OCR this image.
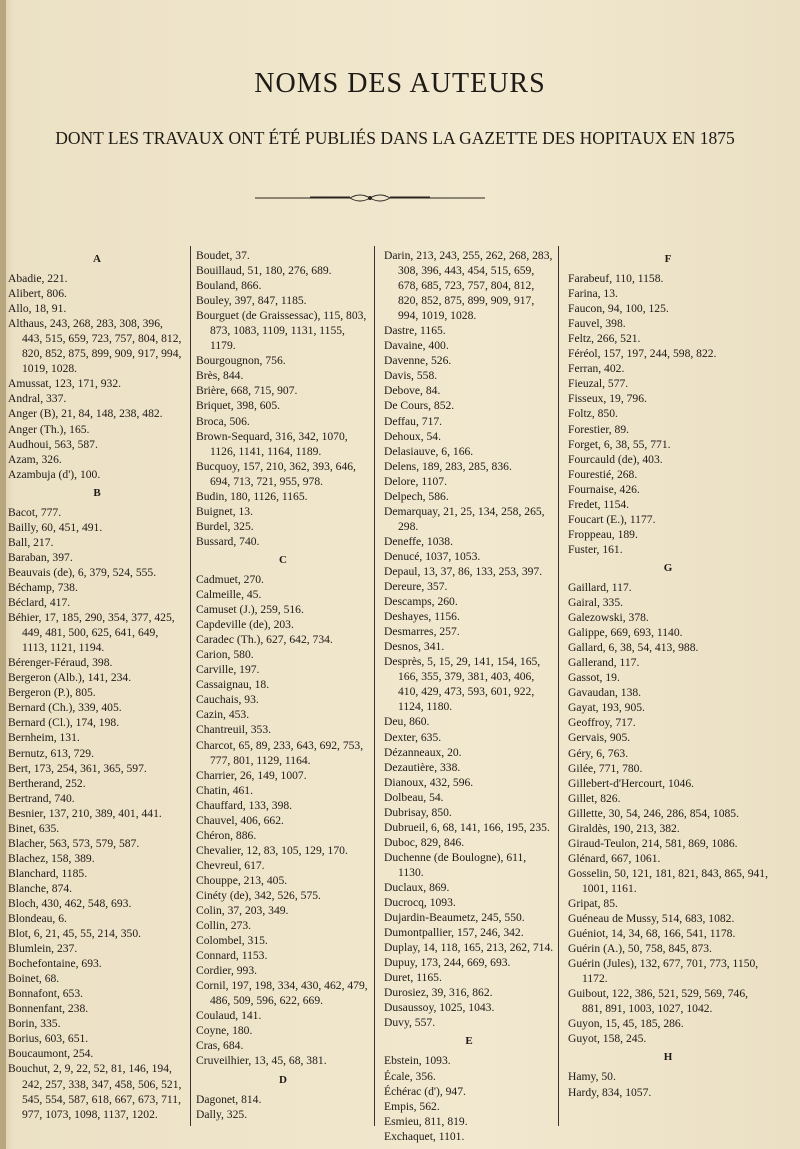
NOMS DES AUTEURS
DONT LES TRAVAUX ONT ÉTÉ PUBLIÉS DANS LA GAZETTE DES HOPITAUX EN 1875
A
Abadie, 221.
Alibert, 806.
Allo, 18, 91.
Althaus, 243, 268, 283, 308, 396, 443, 515, 659, 723, 757, 804, 812, 820, 852, 875, 899, 909, 917, 994, 1019, 1028.
Amussat, 123, 171, 932.
Andral, 337.
Anger (B), 21, 84, 148, 238, 482.
Anger (Th.), 165.
Audhoui, 563, 587.
Azam, 326.
Azambuja (d'), 100.
B
Bacot, 777.
Bailly, 60, 451, 491.
Ball, 217.
Baraban, 397.
Beauvais (de), 6, 379, 524, 555.
Béchamp, 738.
Béclard, 417.
Béhier, 17, 185, 290, 354, 377, 425, 449, 481, 500, 625, 641, 649, 1113, 1121, 1194.
Bérenger-Féraud, 398.
Bergeron (Alb.), 141, 234.
Bergeron (P.), 805.
Bernard (Ch.), 339, 405.
Bernard (Cl.), 174, 198.
Bernheim, 131.
Bernutz, 613, 729.
Bert, 173, 254, 361, 365, 597.
Bertherand, 252.
Bertrand, 740.
Besnier, 137, 210, 389, 401, 441.
Binet, 635.
Blacher, 563, 573, 579, 587.
Blachez, 158, 389.
Blanchard, 1185.
Blanche, 874.
Bloch, 430, 462, 548, 693.
Blondeau, 6.
Blot, 6, 21, 45, 55, 214, 350.
Blumlein, 237.
Bochefontaine, 693.
Boinet, 68.
Bonnafont, 653.
Bonnenfant, 238.
Borin, 335.
Borius, 603, 651.
Boucaumont, 254.
Bouchut, 2, 9, 22, 52, 81, 146, 194, 242, 257, 338, 347, 458, 506, 521, 545, 554, 587, 618, 667, 673, 711, 977, 1073, 1098, 1137, 1202.
Boudet, 37.
Bouillaud, 51, 180, 276, 689.
Bouland, 866.
Bouley, 397, 847, 1185.
Bourguet (de Graissessac), 115, 803, 873, 1083, 1109, 1131, 1155, 1179.
Bourgougnon, 756.
Brès, 844.
Brière, 668, 715, 907.
Briquet, 398, 605.
Broca, 506.
Brown-Sequard, 316, 342, 1070, 1126, 1141, 1164, 1189.
Bucquoy, 157, 210, 362, 393, 646, 694, 713, 721, 955, 978.
Budin, 180, 1126, 1165.
Buignet, 13.
Burdel, 325.
Bussard, 740.
C
Cadmuet, 270.
Calmeille, 45.
Camuset (J.), 259, 516.
Capdeville (de), 203.
Caradec (Th.), 627, 642, 734.
Carion, 580.
Carville, 197.
Cassaignau, 18.
Cauchais, 93.
Cazin, 453.
Chantreuil, 353.
Charcot, 65, 89, 233, 643, 692, 753, 777, 801, 1129, 1164.
Charrier, 26, 149, 1007.
Chatin, 461.
Chauffard, 133, 398.
Chauvel, 406, 662.
Chéron, 886.
Chevalier, 12, 83, 105, 129, 170.
Chevreul, 617.
Chouppe, 213, 405.
Cinéty (de), 342, 526, 575.
Colin, 37, 203, 349.
Collin, 273.
Colombel, 315.
Connard, 1153.
Cordier, 993.
Cornil, 197, 198, 334, 430, 462, 479, 486, 509, 596, 622, 669.
Coulaud, 141.
Coyne, 180.
Cras, 684.
Cruveilhier, 13, 45, 68, 381.
D
Dagonet, 814.
Dally, 325.
Darin, 213, 243, 255, 262, 268, 283, 308, 396, 443, 454, 515, 659, 678, 685, 723, 757, 804, 812, 820, 852, 875, 899, 909, 917, 994, 1019, 1028.
Dastre, 1165.
Davaine, 400.
Davenne, 526.
Davis, 558.
Debove, 84.
De Cours, 852.
Deffau, 717.
Dehoux, 54.
Delasiauve, 6, 166.
Delens, 189, 283, 285, 836.
Delore, 1107.
Delpech, 586.
Demarquay, 21, 25, 134, 258, 265, 298.
Deneffe, 1038.
Denucé, 1037, 1053.
Depaul, 13, 37, 86, 133, 253, 397.
Dereure, 357.
Descamps, 260.
Deshayes, 1156.
Desmarres, 257.
Desnos, 341.
Desprès, 5, 15, 29, 141, 154, 165, 166, 355, 379, 381, 403, 406, 410, 429, 473, 593, 601, 922, 1124, 1180.
Deu, 860.
Dexter, 635.
Dézanneaux, 20.
Dezautière, 338.
Dianoux, 432, 596.
Dolbeau, 54.
Dubrisay, 850.
Dubrueil, 6, 68, 141, 166, 195, 235.
Duboc, 829, 846.
Duchenne (de Boulogne), 611, 1130.
Duclaux, 869.
Ducrocq, 1093.
Dujardin-Beaumetz, 245, 550.
Dumontpallier, 157, 246, 342.
Duplay, 14, 118, 165, 213, 262, 714.
Dupuy, 173, 244, 669, 693.
Duret, 1165.
Durosiez, 39, 316, 862.
Dusaussoy, 1025, 1043.
Duvy, 557.
E
Ebstein, 1093.
Écale, 356.
Échérac (d'), 947.
Empis, 562.
Esmieu, 811, 819.
Exchaquet, 1101.
F
Farabeuf, 110, 1158.
Farina, 13.
Faucon, 94, 100, 125.
Fauvel, 398.
Feltz, 266, 521.
Féréol, 157, 197, 244, 598, 822.
Ferran, 402.
Fieuzal, 577.
Fisseux, 19, 796.
Foltz, 850.
Forestier, 89.
Forget, 6, 38, 55, 771.
Fourcauld (de), 403.
Fourestié, 268.
Fournaise, 426.
Fredet, 1154.
Foucart (E.), 1177.
Froppeau, 189.
Fuster, 161.
G
Gaillard, 117.
Gairal, 335.
Galezowski, 378.
Galippe, 669, 693, 1140.
Gallard, 6, 38, 54, 413, 988.
Gallerand, 117.
Gassot, 19.
Gavaudan, 138.
Gayat, 193, 905.
Geoffroy, 717.
Gervais, 905.
Géry, 6, 763.
Gilée, 771, 780.
Gillebert-d'Hercourt, 1046.
Gillet, 826.
Gillette, 30, 54, 246, 286, 854, 1085.
Giraldès, 190, 213, 382.
Giraud-Teulon, 214, 581, 869, 1086.
Glénard, 667, 1061.
Gosselin, 50, 121, 181, 821, 843, 865, 941, 1001, 1161.
Gripat, 85.
Guéneau de Mussy, 514, 683, 1082.
Guéniot, 14, 34, 68, 166, 541, 1178.
Guérin (A.), 50, 758, 845, 873.
Guérin (Jules), 132, 677, 701, 773, 1150, 1172.
Guibout, 122, 386, 521, 529, 569, 746, 881, 891, 1003, 1027, 1042.
Guyon, 15, 45, 185, 286.
Guyot, 158, 245.
H
Hamy, 50.
Hardy, 834, 1057.
